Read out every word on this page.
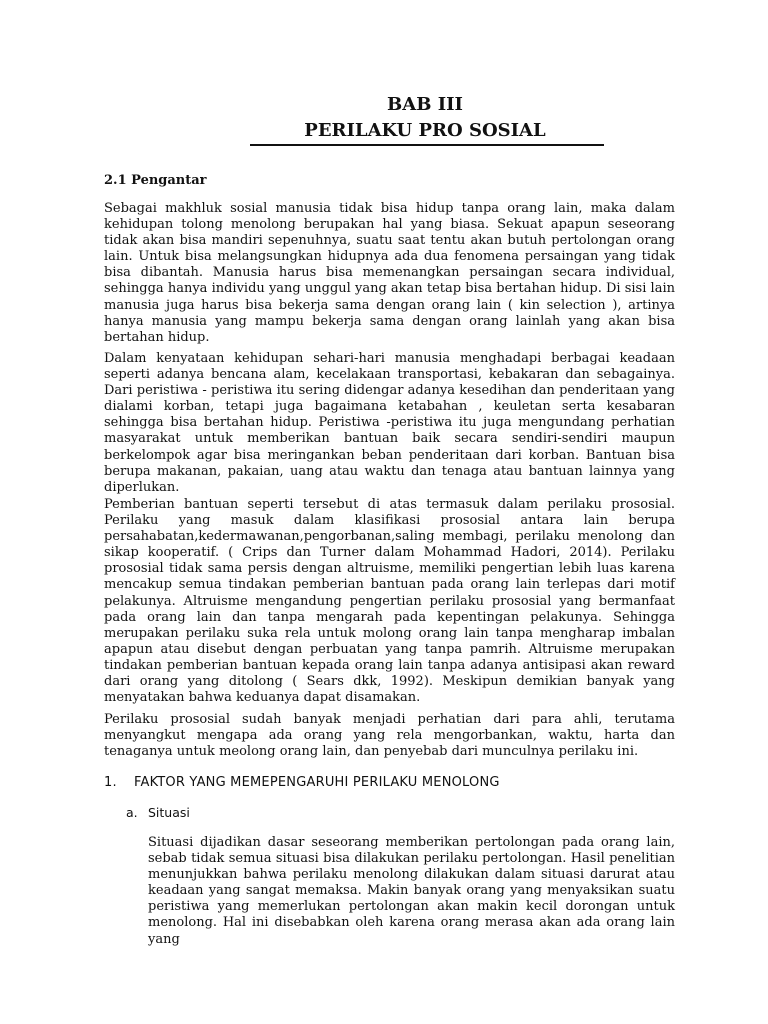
BAB III
PERILAKU PRO SOSIAL
2.1 Pengantar

Sebagai makhluk sosial manusia tidak bisa hidup tanpa orang lain, maka dalam kehidupan tolong menolong berupakan hal yang biasa. Sekuat apapun seseorang tidak akan bisa mandiri sepenuhnya, suatu saat tentu akan butuh pertolongan orang lain. Untuk bisa melangsungkan hidupnya ada dua fenomena persaingan yang tidak bisa dibantah. Manusia harus bisa memenangkan persaingan secara individual, sehingga hanya individu yang unggul yang akan tetap bisa bertahan hidup. Di sisi lain manusia juga harus bisa bekerja sama dengan orang lain ( kin selection ), artinya hanya manusia yang mampu bekerja sama dengan orang lainlah yang akan bisa bertahan hidup.

Dalam kenyataan kehidupan sehari-hari manusia menghadapi berbagai keadaan seperti adanya bencana alam, kecelakaan transportasi, kebakaran dan sebagainya. Dari peristiwa - peristiwa itu sering didengar adanya kesedihan dan penderitaan yang dialami korban, tetapi juga bagaimana ketabahan , keuletan serta kesabaran sehingga bisa bertahan hidup. Peristiwa -peristiwa itu juga mengundang perhatian masyarakat untuk memberikan bantuan baik secara sendiri-sendiri maupun berkelompok agar bisa meringankan beban penderitaan dari korban. Bantuan bisa berupa makanan, pakaian, uang atau waktu dan tenaga atau bantuan lainnya yang diperlukan.

Pemberian bantuan seperti tersebut di atas termasuk dalam perilaku prososial. Perilaku yang masuk dalam klasifikasi prososial antara lain berupa persahabatan,kedermawanan,pengorbanan,saling membagi, perilaku menolong dan sikap kooperatif. ( Crips dan Turner dalam Mohammad Hadori, 2014). Perilaku prososial tidak sama persis dengan altruisme, memiliki pengertian lebih luas karena mencakup semua tindakan pemberian bantuan pada orang lain terlepas dari motif pelakunya. Altruisme mengandung pengertian perilaku prososial yang bermanfaat pada orang lain dan tanpa mengarah pada kepentingan pelakunya. Sehingga merupakan perilaku suka rela untuk molong orang lain tanpa mengharap imbalan apapun atau disebut dengan perbuatan yang tanpa pamrih. Altruisme merupakan tindakan pemberian bantuan kepada orang lain tanpa adanya antisipasi akan reward dari orang yang ditolong ( Sears dkk, 1992). Meskipun demikian banyak yang menyatakan bahwa keduanya dapat disamakan.

Perilaku prososial sudah banyak menjadi perhatian dari para ahli, terutama menyangkut mengapa ada orang yang rela mengorbankan, waktu, harta dan tenaganya untuk meolong orang lain, dan penyebab dari munculnya perilaku ini.

1. FAKTOR YANG MEMEPENGARUHI PERILAKU MENOLONG
a. Situasi

Situasi dijadikan dasar seseorang memberikan pertolongan pada orang lain, sebab tidak semua situasi bisa dilakukan perilaku pertolongan. Hasil penelitian menunjukkan bahwa perilaku menolong dilakukan dalam situasi darurat atau keadaan yang sangat memaksa. Makin banyak orang yang menyaksikan suatu peristiwa yang memerlukan pertolongan akan makin kecil dorongan untuk menolong. Hal ini disebabkan oleh karena orang merasa akan ada orang lain yang
